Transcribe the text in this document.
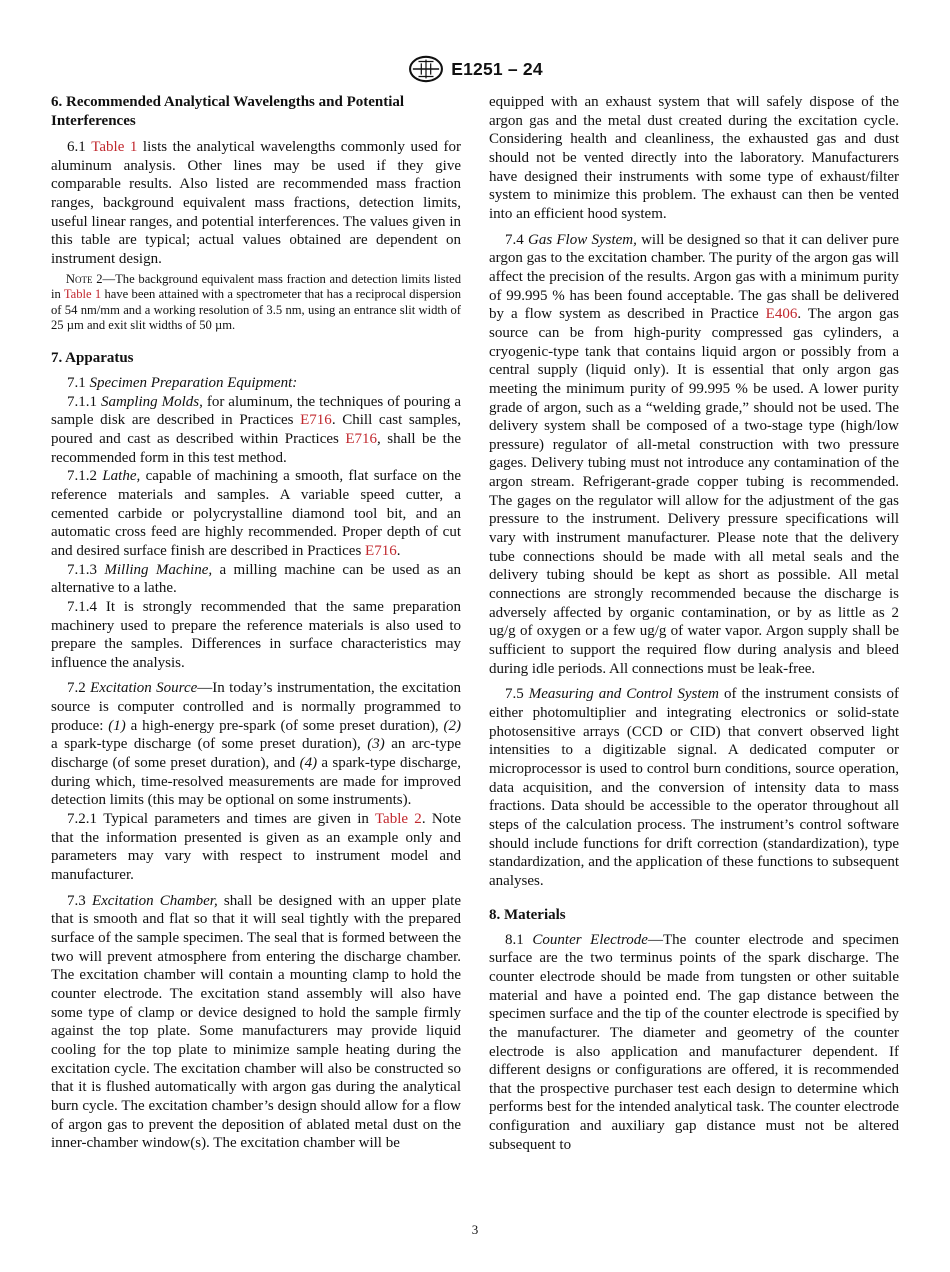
E1251 – 24
6. Recommended Analytical Wavelengths and Potential Interferences

6.1 Table 1 lists the analytical wavelengths commonly used for aluminum analysis. Other lines may be used if they give comparable results. Also listed are recommended mass fraction ranges, background equivalent mass fractions, detection limits, useful linear ranges, and potential interferences. The values given in this table are typical; actual values obtained are dependent on instrument design.

Note 2—The background equivalent mass fraction and detection limits listed in Table 1 have been attained with a spectrometer that has a reciprocal dispersion of 54 nm/mm and a working resolution of 3.5 nm, using an entrance slit width of 25 µm and exit slit widths of 50 µm.

7. Apparatus

7.1 Specimen Preparation Equipment:

7.1.1 Sampling Molds, for aluminum, the techniques of pouring a sample disk are described in Practices E716. Chill cast samples, poured and cast as described within Practices E716, shall be the recommended form in this test method.

7.1.2 Lathe, capable of machining a smooth, flat surface on the reference materials and samples. A variable speed cutter, a cemented carbide or polycrystalline diamond tool bit, and an automatic cross feed are highly recommended. Proper depth of cut and desired surface finish are described in Practices E716.

7.1.3 Milling Machine, a milling machine can be used as an alternative to a lathe.

7.1.4 It is strongly recommended that the same preparation machinery used to prepare the reference materials is also used to prepare the samples. Differences in surface characteristics may influence the analysis.

7.2 Excitation Source—In today’s instrumentation, the excitation source is computer controlled and is normally programmed to produce: (1) a high-energy pre-spark (of some preset duration), (2) a spark-type discharge (of some preset duration), (3) an arc-type discharge (of some preset duration), and (4) a spark-type discharge, during which, time-resolved measurements are made for improved detection limits (this may be optional on some instruments).

7.2.1 Typical parameters and times are given in Table 2. Note that the information presented is given as an example only and parameters may vary with respect to instrument model and manufacturer.

7.3 Excitation Chamber, shall be designed with an upper plate that is smooth and flat so that it will seal tightly with the prepared surface of the sample specimen. The seal that is formed between the two will prevent atmosphere from entering the discharge chamber. The excitation chamber will contain a mounting clamp to hold the counter electrode. The excitation stand assembly will also have some type of clamp or device designed to hold the sample firmly against the top plate. Some manufacturers may provide liquid cooling for the top plate to minimize sample heating during the excitation cycle. The excitation chamber will also be constructed so that it is flushed automatically with argon gas during the analytical burn cycle. The excitation chamber’s design should allow for a flow of argon gas to prevent the deposition of ablated metal dust on the inner-chamber window(s). The excitation chamber will be

equipped with an exhaust system that will safely dispose of the argon gas and the metal dust created during the excitation cycle. Considering health and cleanliness, the exhausted gas and dust should not be vented directly into the laboratory. Manufacturers have designed their instruments with some type of exhaust/filter system to minimize this problem. The exhaust can then be vented into an efficient hood system.

7.4 Gas Flow System, will be designed so that it can deliver pure argon gas to the excitation chamber. The purity of the argon gas will affect the precision of the results. Argon gas with a minimum purity of 99.995 % has been found acceptable. The gas shall be delivered by a flow system as described in Practice E406. The argon gas source can be from high-purity compressed gas cylinders, a cryogenic-type tank that contains liquid argon or possibly from a central supply (liquid only). It is essential that only argon gas meeting the minimum purity of 99.995 % be used. A lower purity grade of argon, such as a “welding grade,” should not be used. The delivery system shall be composed of a two-stage type (high/low pressure) regulator of all-metal construction with two pressure gages. Delivery tubing must not introduce any contamination of the argon stream. Refrigerant-grade copper tubing is recommended. The gages on the regulator will allow for the adjustment of the gas pressure to the instrument. Delivery pressure specifications will vary with instrument manufacturer. Please note that the delivery tube connections should be made with all metal seals and the delivery tubing should be kept as short as possible. All metal connections are strongly recommended because the discharge is adversely affected by organic contamination, or by as little as 2 ug/g of oxygen or a few ug/g of water vapor. Argon supply shall be sufficient to support the required flow during analysis and bleed during idle periods. All connections must be leak-free.

7.5 Measuring and Control System of the instrument consists of either photomultiplier and integrating electronics or solid-state photosensitive arrays (CCD or CID) that convert observed light intensities to a digitizable signal. A dedicated computer or microprocessor is used to control burn conditions, source operation, data acquisition, and the conversion of intensity data to mass fractions. Data should be accessible to the operator throughout all steps of the calculation process. The instrument’s control software should include functions for drift correction (standardization), type standardization, and the application of these functions to subsequent analyses.

8. Materials

8.1 Counter Electrode—The counter electrode and specimen surface are the two terminus points of the spark discharge. The counter electrode should be made from tungsten or other suitable material and have a pointed end. The gap distance between the specimen surface and the tip of the counter electrode is specified by the manufacturer. The diameter and geometry of the counter electrode is also application and manufacturer dependent. If different designs or configurations are offered, it is recommended that the prospective purchaser test each design to determine which performs best for the intended analytical task. The counter electrode configuration and auxiliary gap distance must not be altered subsequent to

3
